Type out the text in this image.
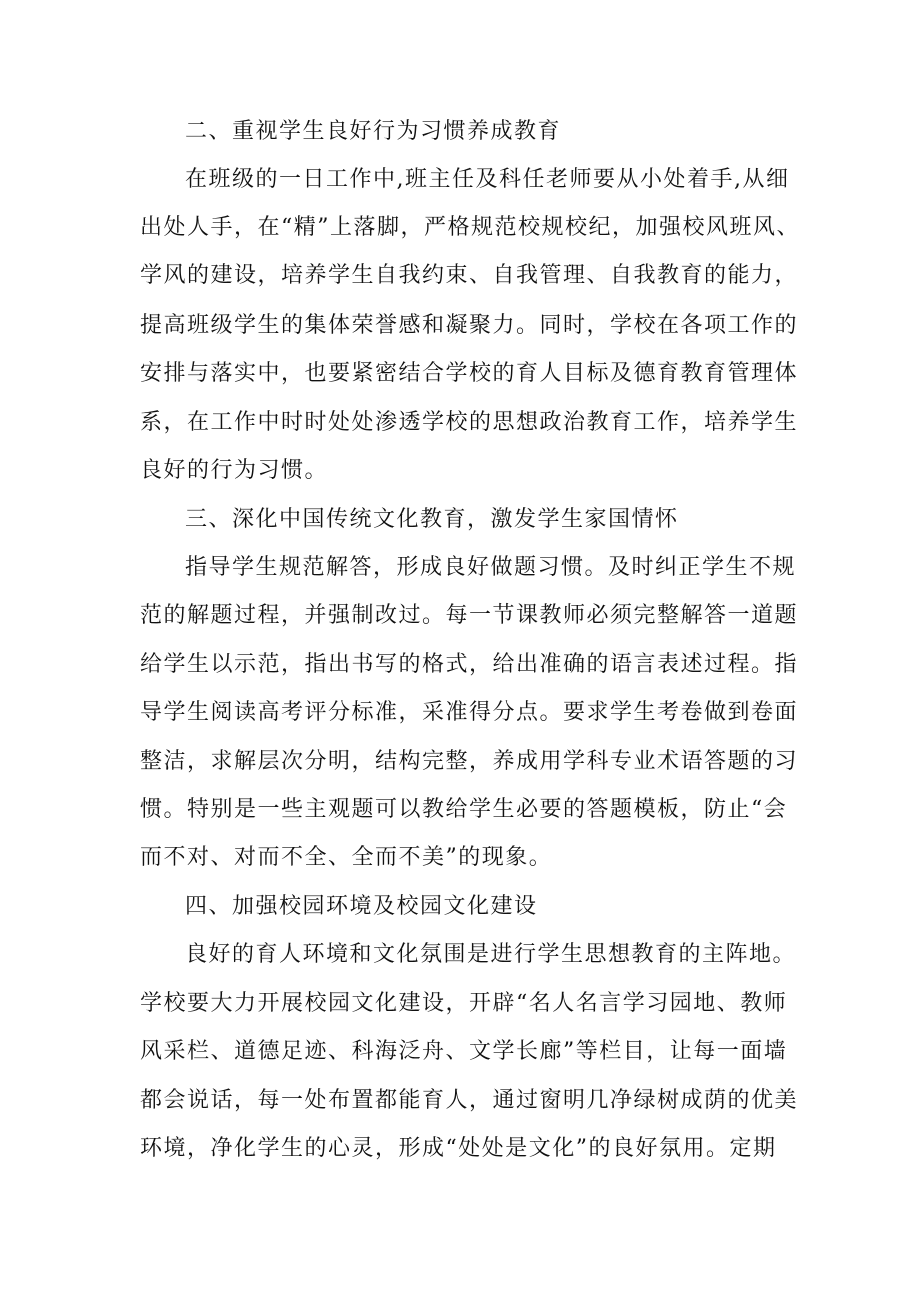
二、重视学生良好行为习惯养成教育
在班级的一日工作中,班主任及科任老师要从小处着手,从细
出处人手，在“精”上落脚，严格规范校规校纪，加强校风班风、
学风的建设，培养学生自我约束、自我管理、自我教育的能力，
提高班级学生的集体荣誉感和凝聚力。同时，学校在各项工作的
安排与落实中，也要紧密结合学校的育人目标及德育教育管理体
系，在工作中时时处处渗透学校的思想政治教育工作，培养学生
良好的行为习惯。
三、深化中国传统文化教育，激发学生家国情怀
指导学生规范解答，形成良好做题习惯。及时纠正学生不规
范的解题过程，并强制改过。每一节课教师必须完整解答一道题
给学生以示范，指出书写的格式，给出准确的语言表述过程。指
导学生阅读高考评分标准，采准得分点。要求学生考卷做到卷面
整洁，求解层次分明，结构完整，养成用学科专业术语答题的习
惯。特别是一些主观题可以教给学生必要的答题模板，防止“会
而不对、对而不全、全而不美”的现象。
四、加强校园环境及校园文化建设
良好的育人环境和文化氛围是进行学生思想教育的主阵地。
学校要大力开展校园文化建设，开辟“名人名言学习园地、教师
风采栏、道德足迹、科海泛舟、文学长廊”等栏目，让每一面墙
都会说话，每一处布置都能育人，通过窗明几净绿树成荫的优美
环境，净化学生的心灵，形成“处处是文化”的良好氛用。定期
